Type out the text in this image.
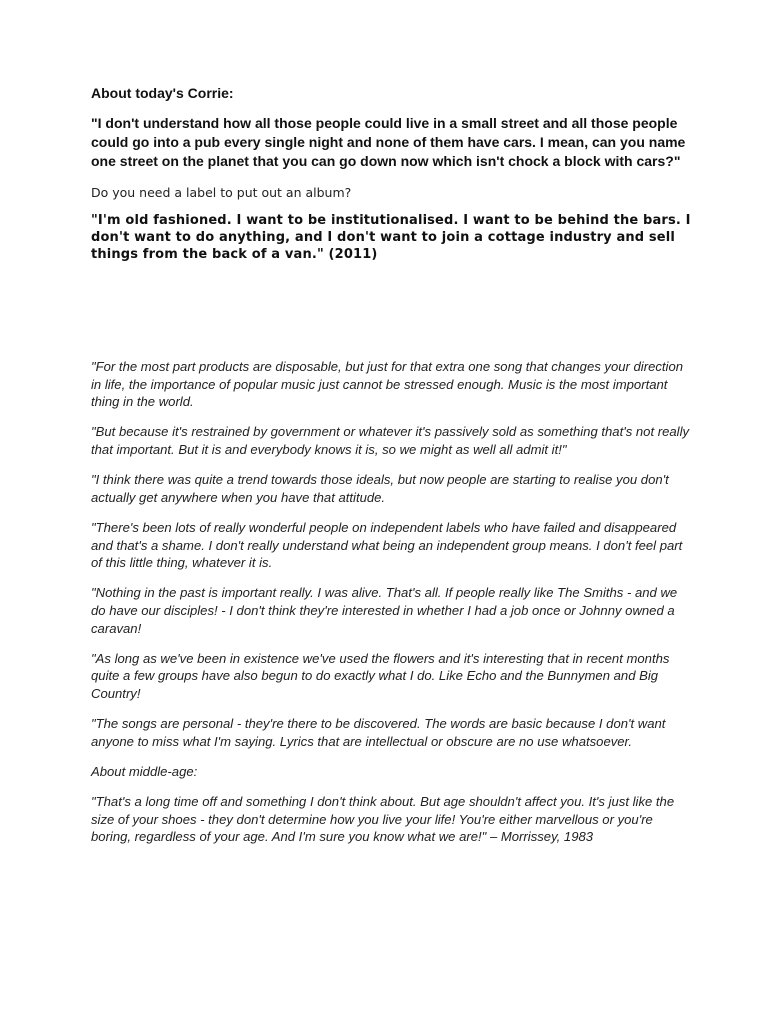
About today's Corrie:

"I don't understand how all those people could live in a small street and all those people could go into a pub every single night and none of them have cars. I mean, can you name one street on the planet that you can go down now which isn't chock a block with cars?"

Do you need a label to put out an album?

"I'm old fashioned. I want to be institutionalised. I want to be behind the bars. I don't want to do anything, and I don't want to join a cottage industry and sell things from the back of a van." (2011)

"For the most part products are disposable, but just for that extra one song that changes your direction in life, the importance of popular music just cannot be stressed enough. Music is the most important thing in the world.

"But because it's restrained by government or whatever it's passively sold as something that's not really that important. But it is and everybody knows it is, so we might as well all admit it!"

"I think there was quite a trend towards those ideals, but now people are starting to realise you don't actually get anywhere when you have that attitude.

"There's been lots of really wonderful people on independent labels who have failed and disappeared and that's a shame. I don't really understand what being an independent group means. I don't feel part of this little thing, whatever it is.

"Nothing in the past is important really. I was alive. That's all. If people really like The Smiths - and we do have our disciples! - I don't think they're interested in whether I had a job once or Johnny owned a caravan!

"As long as we've been in existence we've used the flowers and it's interesting that in recent months quite a few groups have also begun to do exactly what I do. Like Echo and the Bunnymen and Big Country!

"The songs are personal - they're there to be discovered. The words are basic because I don't want anyone to miss what I'm saying. Lyrics that are intellectual or obscure are no use whatsoever.

About middle-age:

"That's a long time off and something I don't think about. But age shouldn't affect you. It's just like the size of your shoes - they don't determine how you live your life! You're either marvellous or you're boring, regardless of your age. And I'm sure you know what we are!" – Morrissey, 1983
